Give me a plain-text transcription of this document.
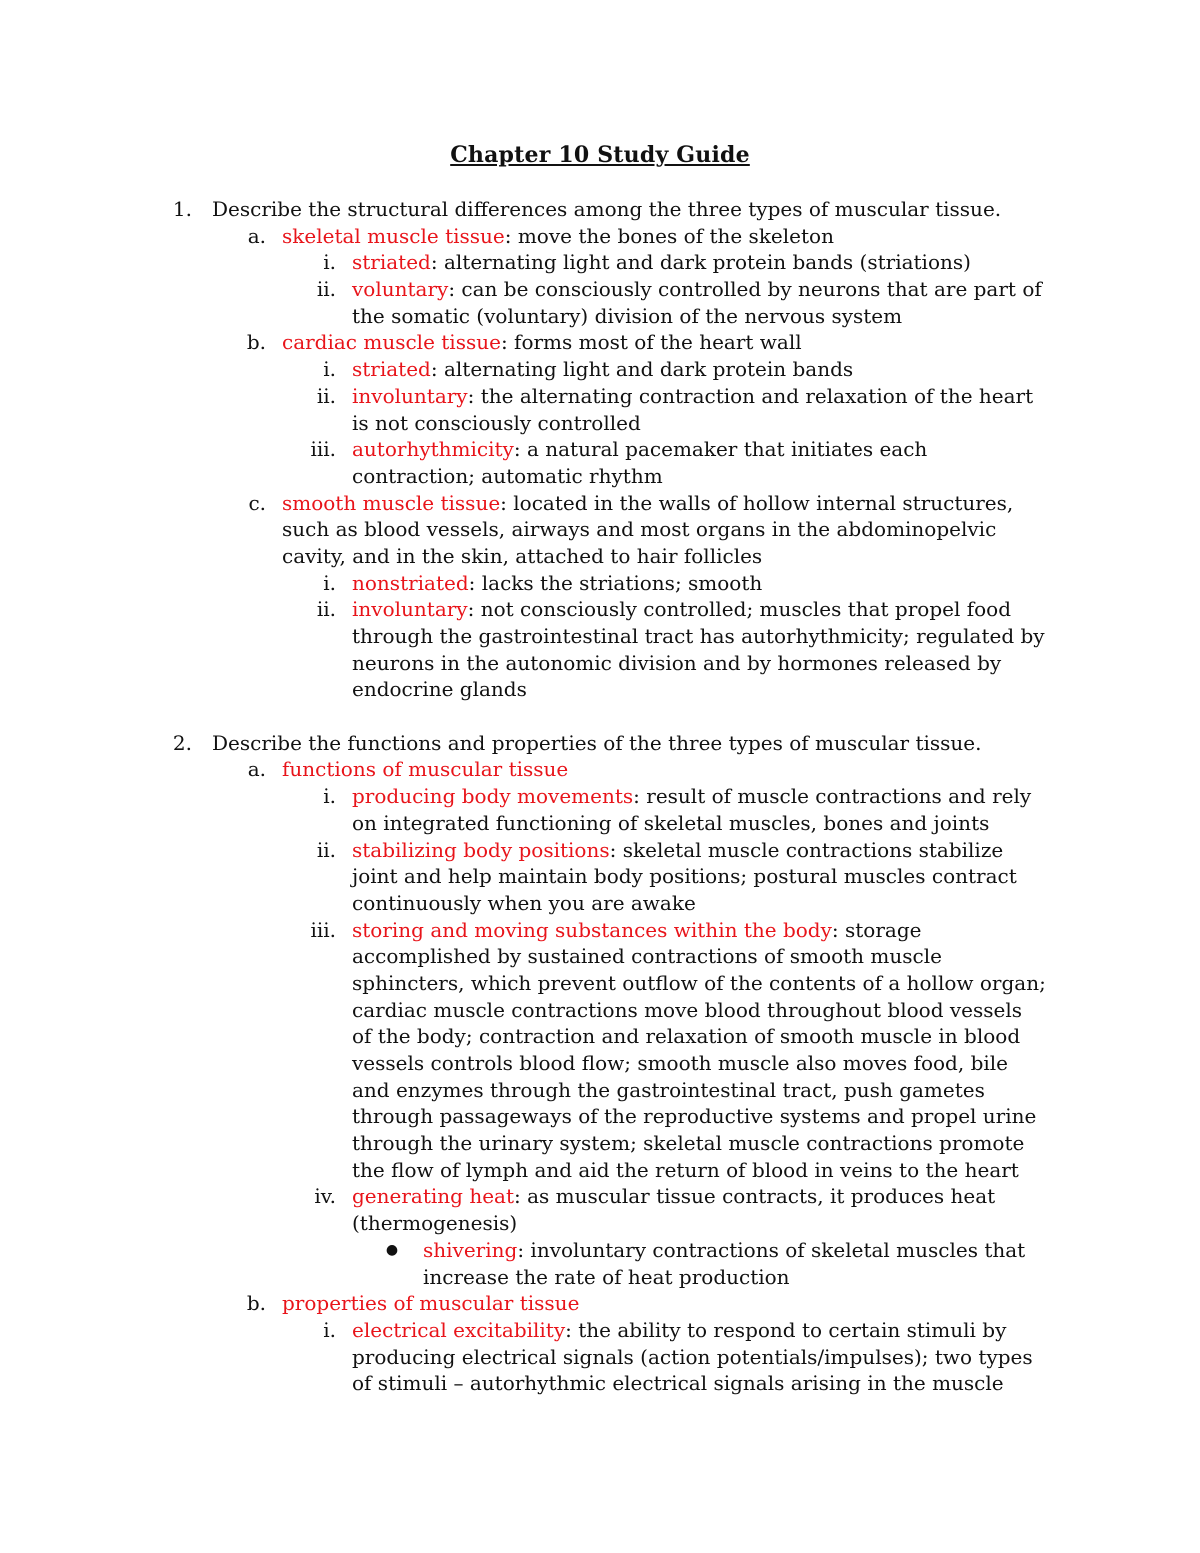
Chapter 10 Study Guide
1. Describe the structural differences among the three types of muscular tissue.
a. skeletal muscle tissue: move the bones of the skeleton
i. striated: alternating light and dark protein bands (striations)
ii. voluntary: can be consciously controlled by neurons that are part of
the somatic (voluntary) division of the nervous system
b. cardiac muscle tissue: forms most of the heart wall
i. striated: alternating light and dark protein bands
ii. involuntary: the alternating contraction and relaxation of the heart
is not consciously controlled
iii. autorhythmicity: a natural pacemaker that initiates each
contraction; automatic rhythm
c. smooth muscle tissue: located in the walls of hollow internal structures,
such as blood vessels, airways and most organs in the abdominopelvic
cavity, and in the skin, attached to hair follicles
i. nonstriated: lacks the striations; smooth
ii. involuntary: not consciously controlled; muscles that propel food
through the gastrointestinal tract has autorhythmicity; regulated by
neurons in the autonomic division and by hormones released by
endocrine glands
2. Describe the functions and properties of the three types of muscular tissue.
a. functions of muscular tissue
i. producing body movements: result of muscle contractions and rely
on integrated functioning of skeletal muscles, bones and joints
ii. stabilizing body positions: skeletal muscle contractions stabilize
joint and help maintain body positions; postural muscles contract
continuously when you are awake
iii. storing and moving substances within the body: storage
accomplished by sustained contractions of smooth muscle
sphincters, which prevent outflow of the contents of a hollow organ;
cardiac muscle contractions move blood throughout blood vessels
of the body; contraction and relaxation of smooth muscle in blood
vessels controls blood flow; smooth muscle also moves food, bile
and enzymes through the gastrointestinal tract, push gametes
through passageways of the reproductive systems and propel urine
through the urinary system; skeletal muscle contractions promote
the flow of lymph and aid the return of blood in veins to the heart
iv. generating heat: as muscular tissue contracts, it produces heat
(thermogenesis)
● shivering: involuntary contractions of skeletal muscles that
increase the rate of heat production
b. properties of muscular tissue
i. electrical excitability: the ability to respond to certain stimuli by
producing electrical signals (action potentials/impulses); two types
of stimuli – autorhythmic electrical signals arising in the muscle
